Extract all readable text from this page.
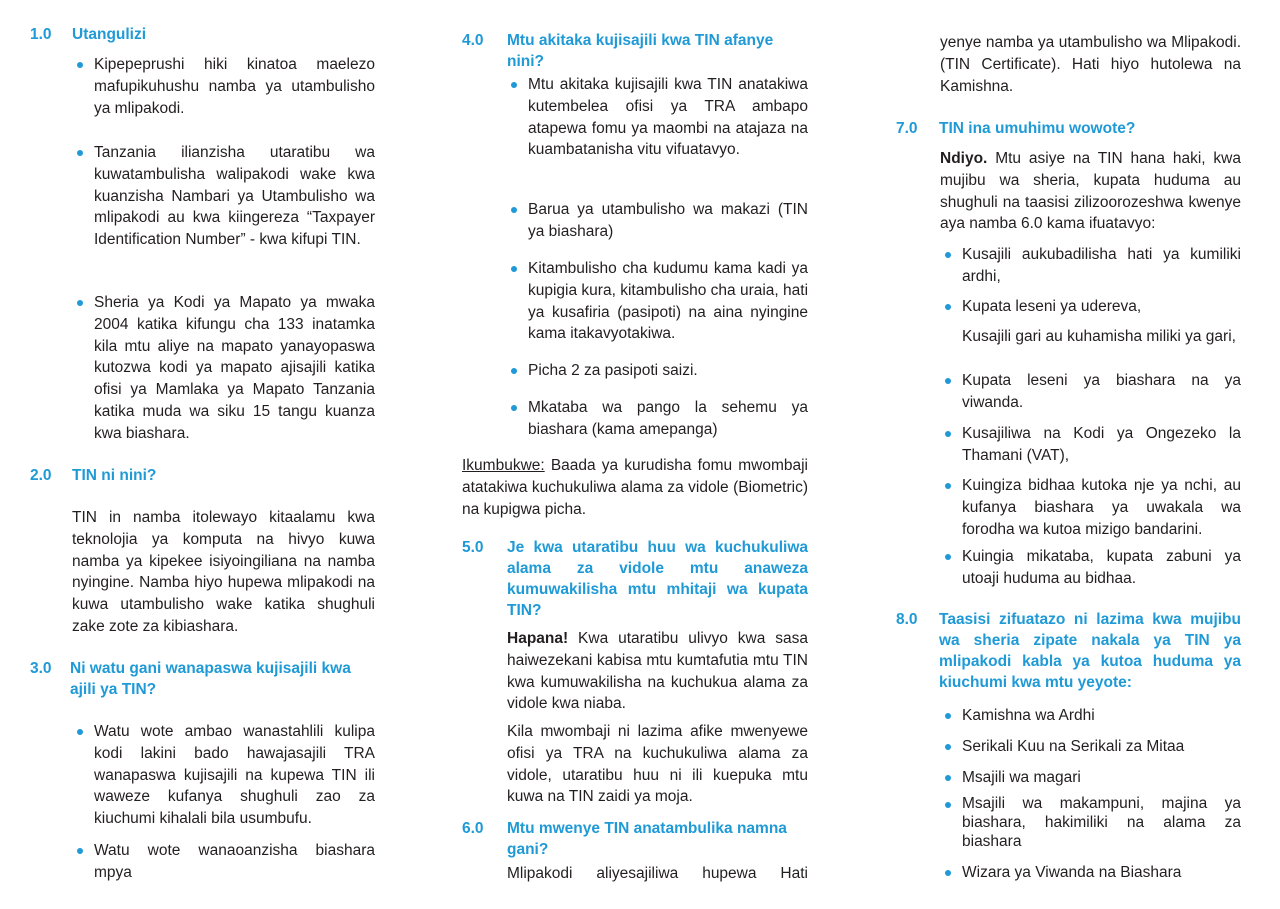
1.0 Utangulizi
Kipepeprushi hiki kinatoa maelezo mafupikuhushu namba ya utambulisho ya mlipakodi.
Tanzania ilianzisha utaratibu wa kuwatambulisha walipakodi wake kwa kuanzisha Nambari ya Utambulisho wa mlipakodi au kwa kiingereza “Taxpayer Identification Number” - kwa kifupi TIN.
Sheria ya Kodi ya Mapato ya mwaka 2004 katika kifungu cha 133 inatamka kila mtu aliye na mapato yanayopaswa kutozwa kodi ya mapato ajisajili katika ofisi ya Mamlaka ya Mapato Tanzania katika muda wa siku 15 tangu kuanza kwa biashara.
2.0 TIN ni nini?

TIN in namba itolewayo kitaalamu kwa teknolojia ya komputa na hivyo kuwa namba ya kipekee isiyoingiliana na namba nyingine. Namba hiyo hupewa mlipakodi na kuwa utambulisho wake katika shughuli zake zote za kibiashara.

3.0 Ni watu gani wanapaswa kujisajili kwa ajili ya TIN?
Watu wote ambao wanastahlili kulipa kodi lakini bado hawajasajili TRA wanapaswa kujisajili na kupewa TIN ili waweze kufanya shughuli zao za kiuchumi kihalali bila usumbufu.
Watu wote wanaoanzisha biashara mpya
4.0 Mtu akitaka kujisajili kwa TIN afanye nini?
Mtu akitaka kujisajili kwa TIN anatakiwa kutembelea ofisi ya TRA ambapo atapewa fomu ya maombi na atajaza na kuambatanisha vitu vifuatavyo.
Barua ya utambulisho wa makazi (TIN ya biashara)
Kitambulisho cha kudumu kama kadi ya kupigia kura, kitambulisho cha uraia, hati ya kusafiria (pasipoti) na aina nyingine kama itakavyotakiwa.
Picha 2 za pasipoti saizi.
Mkataba wa pango la sehemu ya biashara (kama amepanga)

Ikumbukwe: Baada ya kurudisha fomu mwombaji atatakiwa kuchukuliwa alama za vidole (Biometric) na kupigwa picha.

5.0 Je kwa utaratibu huu wa kuchukuliwa alama za vidole mtu anaweza kumuwakilisha mtu mhitaji wa kupata TIN?

Hapana! Kwa utaratibu ulivyo kwa sasa haiwezekani kabisa mtu kumtafutia mtu TIN kwa kumuwakilisha na kuchukua alama za vidole kwa niaba.

Kila mwombaji ni lazima afike mwenyewe ofisi ya TRA na kuchukuliwa alama za vidole, utaratibu huu ni ili kuepuka mtu kuwa na TIN zaidi ya moja.

6.0 Mtu mwenye TIN anatambulika namna gani?

Mlipakodi aliyesajiliwa hupewa Hati

yenye namba ya utambulisho wa Mlipakodi. (TIN Certificate). Hati hiyo hutolewa na Kamishna.

7.0 TIN ina umuhimu wowote?

Ndiyo. Mtu asiye na TIN hana haki, kwa mujibu wa sheria, kupata huduma au shughuli na taasisi zilizoorozeshwa kwenye aya namba 6.0 kama ifuatavyo:

Kusajili aukubadilisha hati ya kumiliki ardhi,
Kupata leseni ya udereva,

Kusajili gari au kuhamisha miliki ya gari,

Kupata leseni ya biashara na ya viwanda.
Kusajiliwa na Kodi ya Ongezeko la Thamani (VAT),
Kuingiza bidhaa kutoka nje ya nchi, au kufanya biashara ya uwakala wa forodha wa kutoa mizigo bandarini.
Kuingia mikataba, kupata zabuni ya utoaji huduma au bidhaa.
8.0 Taasisi zifuatazo ni lazima kwa mujibu wa sheria zipate nakala ya TIN ya mlipakodi kabla ya kutoa huduma ya kiuchumi kwa mtu yeyote:
Kamishna wa Ardhi
Serikali Kuu na Serikali za Mitaa
Msajili wa magari
Msajili wa makampuni, majina ya biashara, hakimiliki na alama za biashara
Wizara ya Viwanda na Biashara
